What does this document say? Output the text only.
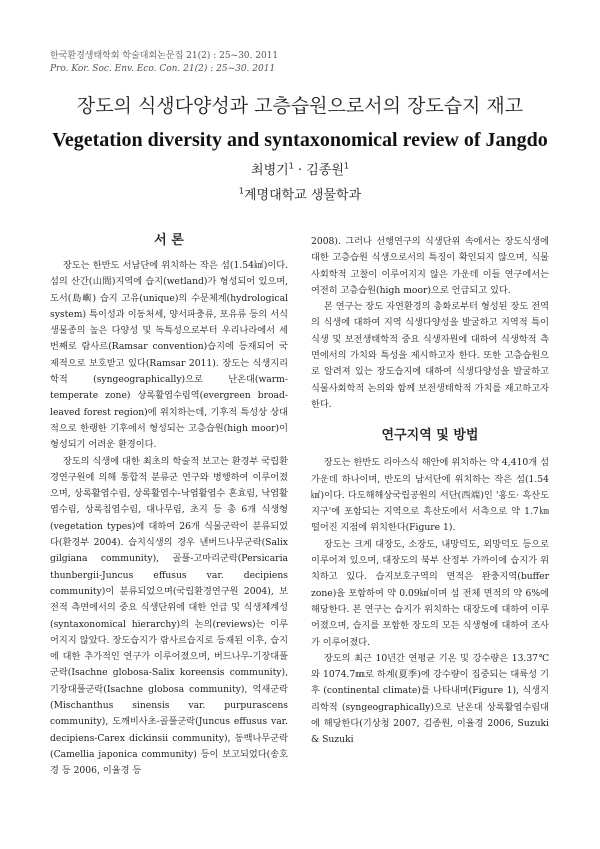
한국환경생태학회 학술대회논문집 21(2) : 25~30. 2011
Pro. Kor. Soc. Env. Eco. Con. 21(2) : 25~30. 2011
장도의 식생다양성과 고층습원으로서의 장도습지 재고
Vegetation diversity and syntaxonomical review of Jangdo
최병기$^1$ · 김종원$^1$
$^1$계명대학교 생물학과
서 론

장도는 한반도 서남단에 위치하는 작은 섬(1.54㎢)이다. 섬의 산간(山間)지역에 습지(wetland)가 형성되어 있으며, 도서(島嶼) 습지 고유(unique)의 수문체계(hydrological system) 특이성과 이동처세, 양서파충류, 포유류 등의 서식 생물종의 높은 다양성 및 독특성으로부터 우리나라에서 세 번째로 람사르(Ramsar convention)습지에 등재되어 국제적으로 보호받고 있다(Ramsar 2011). 장도는 식생지리학적 (syngeographically)으로 난온대(warm- temperate zone) 상록활엽수림역(evergreen broad-leaved forest region)에 위치하는데, 기후적 특성상 상대적으로 한랭한 기후에서 형성되는 고층습원(high moor)이 형성되기 어려운 환경이다.

장도의 식생에 대한 최초의 학술적 보고는 환경부 국립환경연구원에 의해 통합적 분류군 연구와 병행하여 이루어졌으며, 상록활엽수림, 상록활엽수-낙엽활엽수 혼효림, 낙엽활엽수림, 상록침엽수림, 대나무림, 초지 등 총 6개 식생형 (vegetation types)에 대하여 26개 식물군락이 분류되었다(환경부 2004). 습지식생의 경우 낸버드나무군락(Salix gilgiana community), 골풀-고마리군락(Persicaria thunbergii-Juncus effusus var. decipiens community)이 분류되었으며(국립환경연구원 2004), 보전적 측면에서의 중요 식생단위에 대한 언급 및 식생체계성(syntaxonomical hierarchy)의 논의(reviews)는 이루어지지 않았다. 장도습지가 람사르습지로 등재된 이후, 습지에 대한 추가적인 연구가 이루어졌으며, 버드나무-기장대풀군락(Isachne globosa-Salix koreensis community), 기장대풀군락(Isachne globosa community), 억새군락(Mischanthus sinensis var. purpurascens community), 도깨비사초-골풀군락(Juncus effusus var. decipiens-Carex dickinsii community), 동백나무군락(Camellia japonica community) 등이 보고되었다(송호경 등 2006, 이율경 등

2008). 그러나 선행연구의 식생단위 속에서는 장도식생에 대한 고층습원 식생으로서의 특징이 확인되지 않으며, 식물사회학적 고찰이 이루어지지 않은 가운데 이들 연구에서는 여전히 고층습원(high moor)으로 언급되고 있다.

본 연구는 장도 자연환경의 총화로부터 형성된 장도 전역의 식생에 대하여 지역 식생다양성을 발굴하고 지역적 특이식생 및 보전생태학적 중요 식생자원에 대하여 식생학적 측면에서의 가치와 특성을 제시하고자 한다. 또한 고층습원으로 알려져 있는 장도습지에 대하여 식생다양성을 발굴하고 식물사회학적 논의와 함께 보전생태학적 가치를 재고하고자 한다.

연구지역 및 방법

장도는 한반도 리아스식 해안에 위치하는 약 4,410개 섬 가운데 하나이며, 반도의 남서단에 위치하는 작은 섬(1.54㎢)이다. 다도해해상국립공원의 서단(西端)인 '홍도· 흑산도지구'에 포함되는 지역으로 흑산도에서 서측으로 약 1.7㎞ 떨어진 지점에 위치한다(Figure 1).

장도는 크게 대장도, 소장도, 내망덕도, 외망덕도 등으로 이루어져 있으며, 대장도의 북부 산정부 가까이에 습지가 위치하고 있다. 습지보호구역의 면적은 완충지역(buffer zone)을 포함하여 약 0.09㎢이며 섬 전체 면적의 약 6%에 해당한다. 본 연구는 습지가 위치하는 대장도에 대하여 이루어졌으며, 습지를 포함한 장도의 모든 식생형에 대하여 조사가 이루어졌다.

장도의 최근 10년간 연평균 기온 및 강수량은 13.37℃와 1074.7㎜로 하계(夏季)에 강수량이 집중되는 대륙성 기후 (continental climate)를 나타내며(Figure 1), 식생지리학적 (syngeographically)으로 난온대 상록활엽수림대에 해당한다(기상청 2007, 김종원, 이율경 2006, Suzuki & Suzuki
